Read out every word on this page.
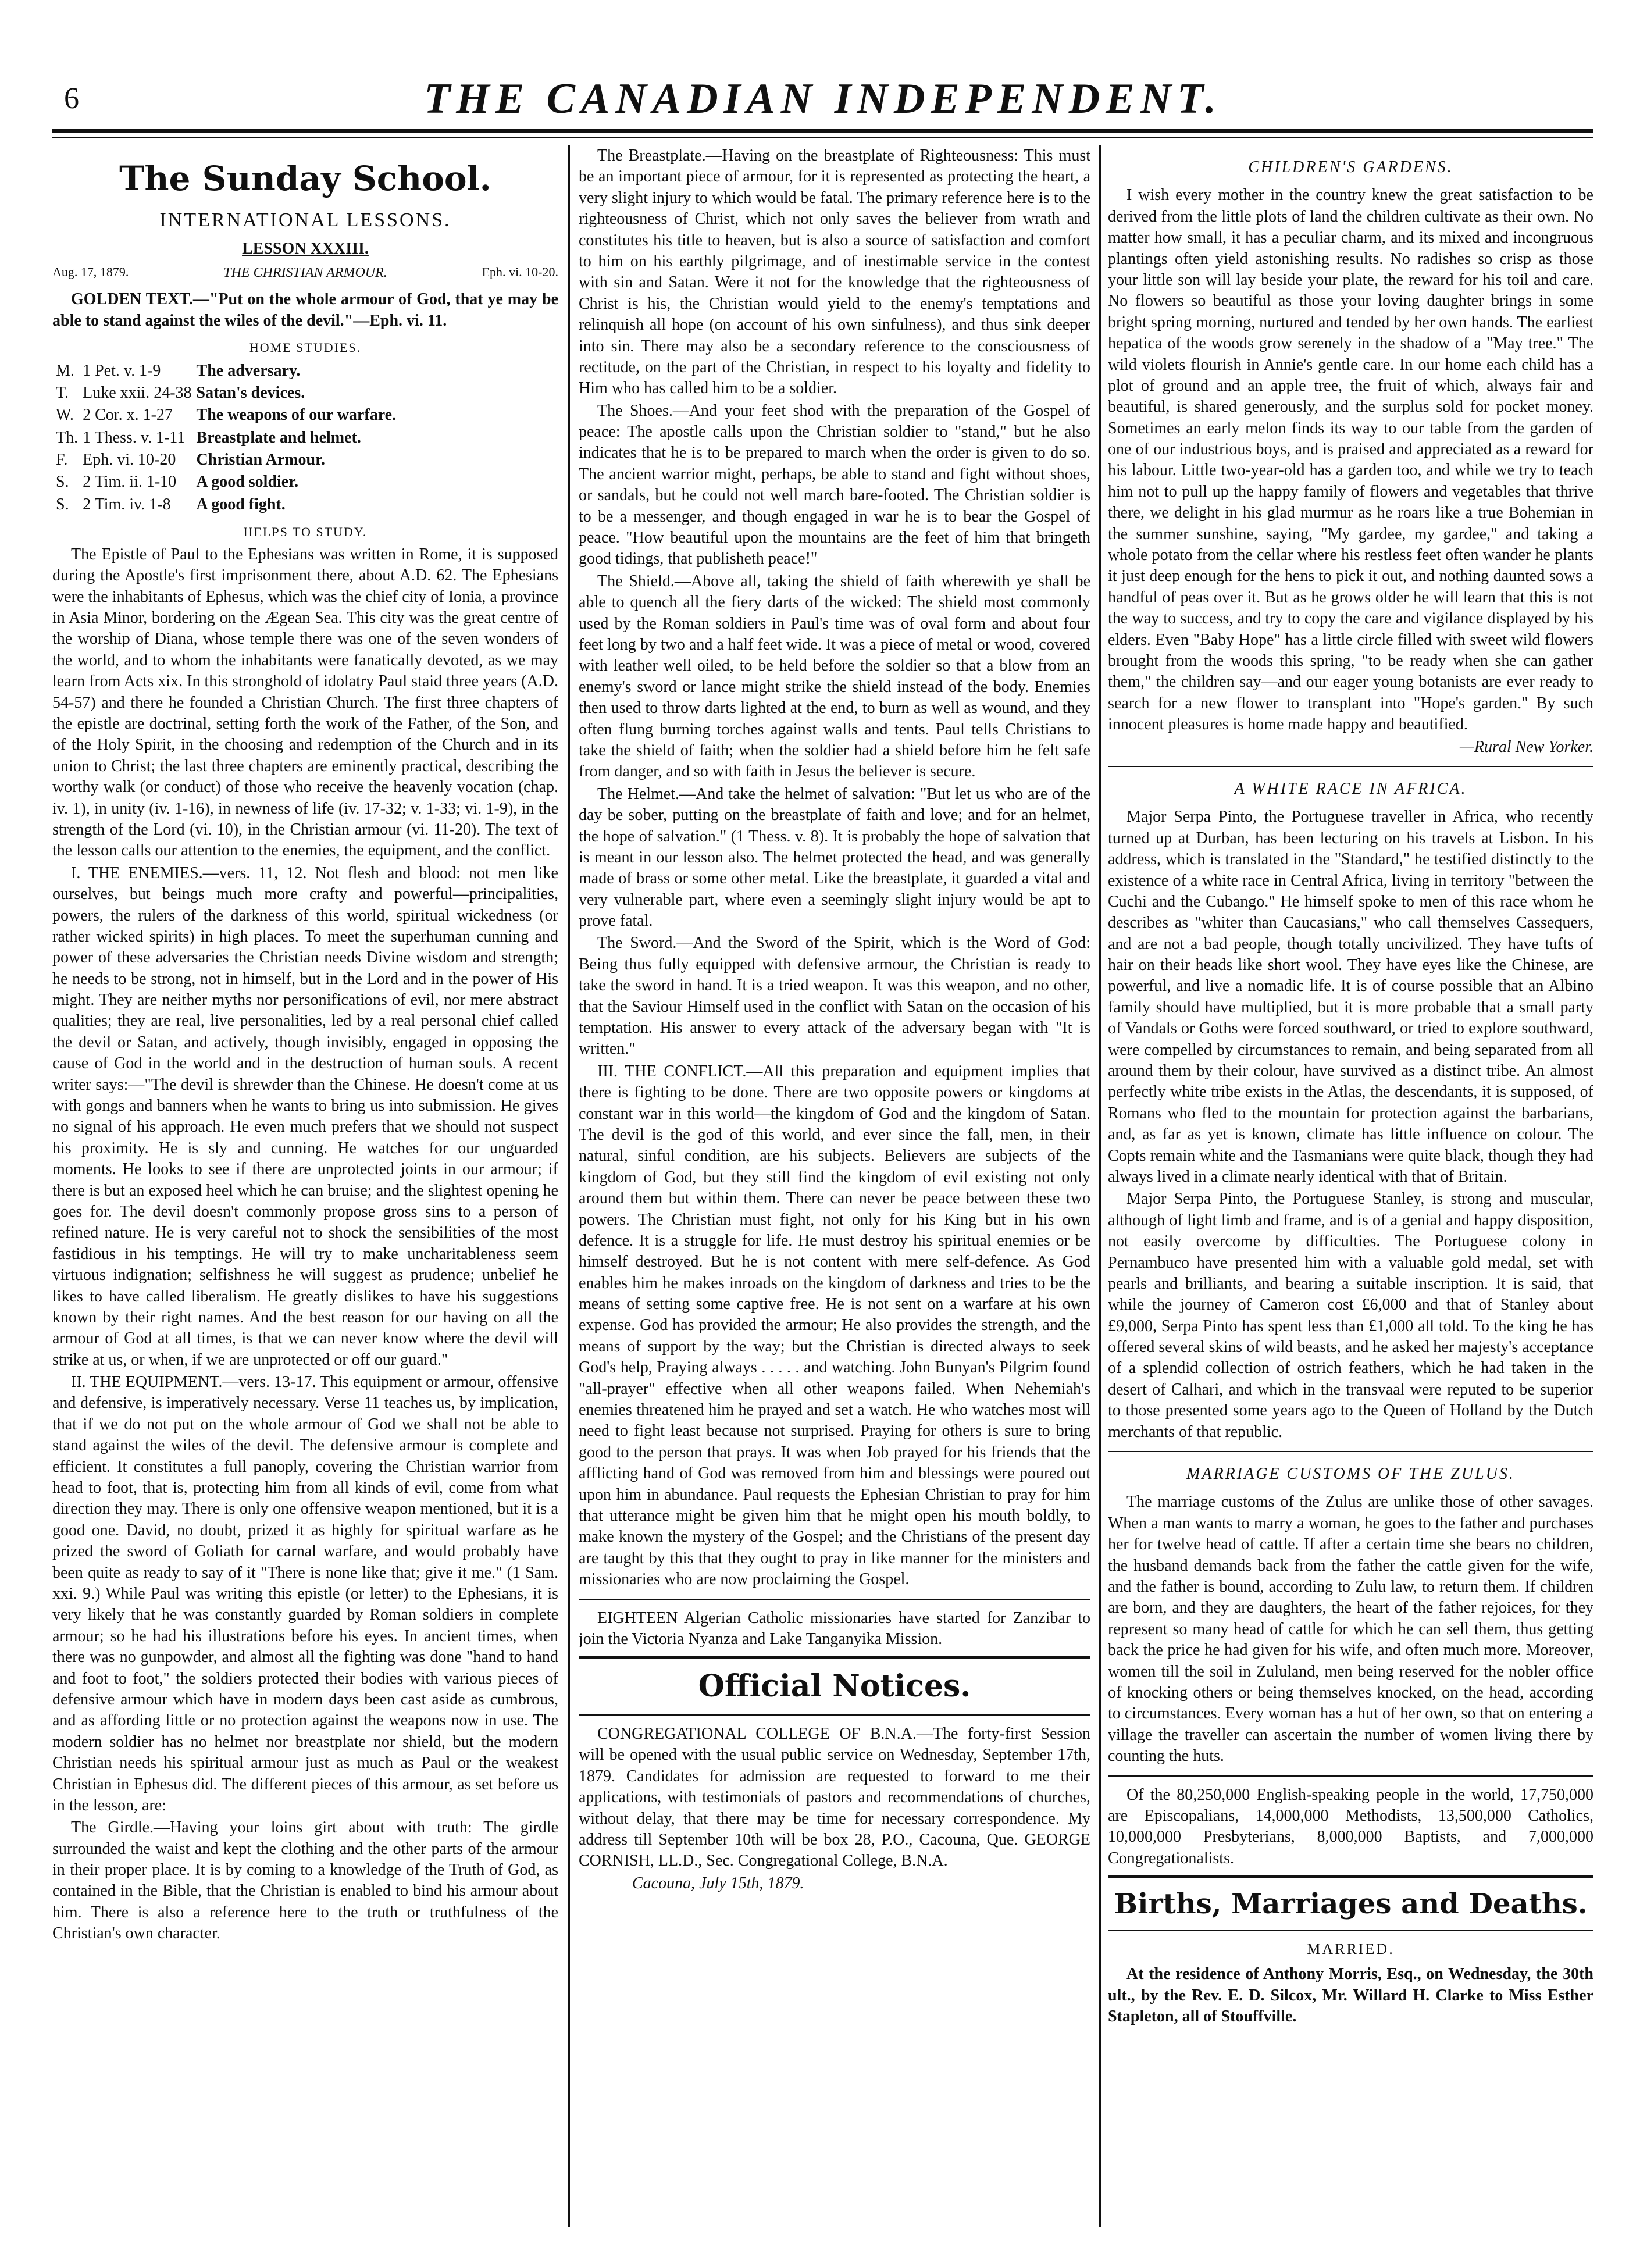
6	THE CANADIAN INDEPENDENT.
The Sunday School.
INTERNATIONAL LESSONS.
LESSON XXXIII.
Aug. 17, 1879.	THE CHRISTIAN ARMOUR.	Eph. vi. 10-20.

GOLDEN TEXT.—"Put on the whole armour of God, that ye may be able to stand against the wiles of the devil."—Eph. vi. 11.

HOME STUDIES.
M.	1 Pet. v. 1-9	The adversary.
T.	Luke xxii. 24-38	Satan's devices.
W.	2 Cor. x. 1-27	The weapons of our warfare.
Th.	1 Thess. v. 1-11	Breastplate and helmet.
F.	Eph. vi. 10-20	Christian Armour.
S.	2 Tim. ii. 1-10	A good soldier.
S.	2 Tim. iv. 1-8	A good fight.
HELPS TO STUDY.

The Epistle of Paul to the Ephesians was written in Rome, it is supposed during the Apostle's first imprisonment there, about A.D. 62. The Ephesians were the inhabitants of Ephesus, which was the chief city of Ionia, a province in Asia Minor, bordering on the Ægean Sea. This city was the great centre of the worship of Diana, whose temple there was one of the seven wonders of the world, and to whom the inhabitants were fanatically devoted, as we may learn from Acts xix. In this stronghold of idolatry Paul staid three years (A.D. 54-57) and there he founded a Christian Church. The first three chapters of the epistle are doctrinal, setting forth the work of the Father, of the Son, and of the Holy Spirit, in the choosing and redemption of the Church and in its union to Christ; the last three chapters are eminently practical, describing the worthy walk (or conduct) of those who receive the heavenly vocation (chap. iv. 1), in unity (iv. 1-16), in newness of life (iv. 17-32; v. 1-33; vi. 1-9), in the strength of the Lord (vi. 10), in the Christian armour (vi. 11-20). The text of the lesson calls our attention to the enemies, the equipment, and the conflict.

I. THE ENEMIES.—vers. 11, 12. Not flesh and blood: not men like ourselves, but beings much more crafty and powerful—principalities, powers, the rulers of the darkness of this world, spiritual wickedness (or rather wicked spirits) in high places. To meet the superhuman cunning and power of these adversaries the Christian needs Divine wisdom and strength; he needs to be strong, not in himself, but in the Lord and in the power of His might. They are neither myths nor personifications of evil, nor mere abstract qualities; they are real, live personalities, led by a real personal chief called the devil or Satan, and actively, though invisibly, engaged in opposing the cause of God in the world and in the destruction of human souls. A recent writer says:—"The devil is shrewder than the Chinese. He doesn't come at us with gongs and banners when he wants to bring us into submission. He gives no signal of his approach. He even much prefers that we should not suspect his proximity. He is sly and cunning. He watches for our unguarded moments. He looks to see if there are unprotected joints in our armour; if there is but an exposed heel which he can bruise; and the slightest opening he goes for. The devil doesn't commonly propose gross sins to a person of refined nature. He is very careful not to shock the sensibilities of the most fastidious in his temptings. He will try to make uncharitableness seem virtuous indignation; selfishness he will suggest as prudence; unbelief he likes to have called liberalism. He greatly dislikes to have his suggestions known by their right names. And the best reason for our having on all the armour of God at all times, is that we can never know where the devil will strike at us, or when, if we are unprotected or off our guard."

II. THE EQUIPMENT.—vers. 13-17. This equipment or armour, offensive and defensive, is imperatively necessary. Verse 11 teaches us, by implication, that if we do not put on the whole armour of God we shall not be able to stand against the wiles of the devil. The defensive armour is complete and efficient. It constitutes a full panoply, covering the Christian warrior from head to foot, that is, protecting him from all kinds of evil, come from what direction they may. There is only one offensive weapon mentioned, but it is a good one. David, no doubt, prized it as highly for spiritual warfare as he prized the sword of Goliath for carnal warfare, and would probably have been quite as ready to say of it "There is none like that; give it me." (1 Sam. xxi. 9.) While Paul was writing this epistle (or letter) to the Ephesians, it is very likely that he was constantly guarded by Roman soldiers in complete armour; so he had his illustrations before his eyes. In ancient times, when there was no gunpowder, and almost all the fighting was done "hand to hand and foot to foot," the soldiers protected their bodies with various pieces of defensive armour which have in modern days been cast aside as cumbrous, and as affording little or no protection against the weapons now in use. The modern soldier has no helmet nor breastplate nor shield, but the modern Christian needs his spiritual armour just as much as Paul or the weakest Christian in Ephesus did. The different pieces of this armour, as set before us in the lesson, are:

The Girdle.—Having your loins girt about with truth: The girdle surrounded the waist and kept the clothing and the other parts of the armour in their proper place. It is by coming to a knowledge of the Truth of God, as contained in the Bible, that the Christian is enabled to bind his armour about him. There is also a reference here to the truth or truthfulness of the Christian's own character.

The Breastplate.—Having on the breastplate of Righteousness: This must be an important piece of armour, for it is represented as protecting the heart, a very slight injury to which would be fatal. The primary reference here is to the righteousness of Christ, which not only saves the believer from wrath and constitutes his title to heaven, but is also a source of satisfaction and comfort to him on his earthly pilgrimage, and of inestimable service in the contest with sin and Satan. Were it not for the knowledge that the righteousness of Christ is his, the Christian would yield to the enemy's temptations and relinquish all hope (on account of his own sinfulness), and thus sink deeper into sin. There may also be a secondary reference to the consciousness of rectitude, on the part of the Christian, in respect to his loyalty and fidelity to Him who has called him to be a soldier.

The Shoes.—And your feet shod with the preparation of the Gospel of peace: The apostle calls upon the Christian soldier to "stand," but he also indicates that he is to be prepared to march when the order is given to do so. The ancient warrior might, perhaps, be able to stand and fight without shoes, or sandals, but he could not well march bare-footed. The Christian soldier is to be a messenger, and though engaged in war he is to bear the Gospel of peace. "How beautiful upon the mountains are the feet of him that bringeth good tidings, that publisheth peace!"

The Shield.—Above all, taking the shield of faith wherewith ye shall be able to quench all the fiery darts of the wicked: The shield most commonly used by the Roman soldiers in Paul's time was of oval form and about four feet long by two and a half feet wide. It was a piece of metal or wood, covered with leather well oiled, to be held before the soldier so that a blow from an enemy's sword or lance might strike the shield instead of the body. Enemies then used to throw darts lighted at the end, to burn as well as wound, and they often flung burning torches against walls and tents. Paul tells Christians to take the shield of faith; when the soldier had a shield before him he felt safe from danger, and so with faith in Jesus the believer is secure.

The Helmet.—And take the helmet of salvation: "But let us who are of the day be sober, putting on the breastplate of faith and love; and for an helmet, the hope of salvation." (1 Thess. v. 8). It is probably the hope of salvation that is meant in our lesson also. The helmet protected the head, and was generally made of brass or some other metal. Like the breastplate, it guarded a vital and very vulnerable part, where even a seemingly slight injury would be apt to prove fatal.

The Sword.—And the Sword of the Spirit, which is the Word of God: Being thus fully equipped with defensive armour, the Christian is ready to take the sword in hand. It is a tried weapon. It was this weapon, and no other, that the Saviour Himself used in the conflict with Satan on the occasion of his temptation. His answer to every attack of the adversary began with "It is written."

III. THE CONFLICT.—All this preparation and equipment implies that there is fighting to be done. There are two opposite powers or kingdoms at constant war in this world—the kingdom of God and the kingdom of Satan. The devil is the god of this world, and ever since the fall, men, in their natural, sinful condition, are his subjects. Believers are subjects of the kingdom of God, but they still find the kingdom of evil existing not only around them but within them. There can never be peace between these two powers. The Christian must fight, not only for his King but in his own defence. It is a struggle for life. He must destroy his spiritual enemies or be himself destroyed. But he is not content with mere self-defence. As God enables him he makes inroads on the kingdom of darkness and tries to be the means of setting some captive free. He is not sent on a warfare at his own expense. God has provided the armour; He also provides the strength, and the means of support by the way; but the Christian is directed always to seek God's help, Praying always . . . . . and watching. John Bunyan's Pilgrim found "all-prayer" effective when all other weapons failed. When Nehemiah's enemies threatened him he prayed and set a watch. He who watches most will need to fight least because not surprised. Praying for others is sure to bring good to the person that prays. It was when Job prayed for his friends that the afflicting hand of God was removed from him and blessings were poured out upon him in abundance. Paul requests the Ephesian Christian to pray for him that utterance might be given him that he might open his mouth boldly, to make known the mystery of the Gospel; and the Christians of the present day are taught by this that they ought to pray in like manner for the ministers and missionaries who are now proclaiming the Gospel.

EIGHTEEN Algerian Catholic missionaries have started for Zanzibar to join the Victoria Nyanza and Lake Tanganyika Mission.

Official Notices.

CONGREGATIONAL COLLEGE OF B.N.A.—The forty-first Session will be opened with the usual public service on Wednesday, September 17th, 1879. Candidates for admission are requested to forward to me their applications, with testimonials of pastors and recommendations of churches, without delay, that there may be time for necessary correspondence. My address till September 10th will be box 28, P.O., Cacouna, Que. GEORGE CORNISH, LL.D., Sec. Congregational College, B.N.A.

Cacouna, July 15th, 1879.

CHILDREN'S GARDENS.

I wish every mother in the country knew the great satisfaction to be derived from the little plots of land the children cultivate as their own. No matter how small, it has a peculiar charm, and its mixed and incongruous plantings often yield astonishing results. No radishes so crisp as those your little son will lay beside your plate, the reward for his toil and care. No flowers so beautiful as those your loving daughter brings in some bright spring morning, nurtured and tended by her own hands. The earliest hepatica of the woods grow serenely in the shadow of a "May tree." The wild violets flourish in Annie's gentle care. In our home each child has a plot of ground and an apple tree, the fruit of which, always fair and beautiful, is shared generously, and the surplus sold for pocket money. Sometimes an early melon finds its way to our table from the garden of one of our industrious boys, and is praised and appreciated as a reward for his labour. Little two-year-old has a garden too, and while we try to teach him not to pull up the happy family of flowers and vegetables that thrive there, we delight in his glad murmur as he roars like a true Bohemian in the summer sunshine, saying, "My gardee, my gardee," and taking a whole potato from the cellar where his restless feet often wander he plants it just deep enough for the hens to pick it out, and nothing daunted sows a handful of peas over it. But as he grows older he will learn that this is not the way to success, and try to copy the care and vigilance displayed by his elders. Even "Baby Hope" has a little circle filled with sweet wild flowers brought from the woods this spring, "to be ready when she can gather them," the children say—and our eager young botanists are ever ready to search for a new flower to transplant into "Hope's garden." By such innocent pleasures is home made happy and beautified.

—Rural New Yorker.

A WHITE RACE IN AFRICA.

Major Serpa Pinto, the Portuguese traveller in Africa, who recently turned up at Durban, has been lecturing on his travels at Lisbon. In his address, which is translated in the "Standard," he testified distinctly to the existence of a white race in Central Africa, living in territory "between the Cuchi and the Cubango." He himself spoke to men of this race whom he describes as "whiter than Caucasians," who call themselves Cassequers, and are not a bad people, though totally uncivilized. They have tufts of hair on their heads like short wool. They have eyes like the Chinese, are powerful, and live a nomadic life. It is of course possible that an Albino family should have multiplied, but it is more probable that a small party of Vandals or Goths were forced southward, or tried to explore southward, were compelled by circumstances to remain, and being separated from all around them by their colour, have survived as a distinct tribe. An almost perfectly white tribe exists in the Atlas, the descendants, it is supposed, of Romans who fled to the mountain for protection against the barbarians, and, as far as yet is known, climate has little influence on colour. The Copts remain white and the Tasmanians were quite black, though they had always lived in a climate nearly identical with that of Britain.

Major Serpa Pinto, the Portuguese Stanley, is strong and muscular, although of light limb and frame, and is of a genial and happy disposition, not easily overcome by difficulties. The Portuguese colony in Pernambuco have presented him with a valuable gold medal, set with pearls and brilliants, and bearing a suitable inscription. It is said, that while the journey of Cameron cost £6,000 and that of Stanley about £9,000, Serpa Pinto has spent less than £1,000 all told. To the king he has offered several skins of wild beasts, and he asked her majesty's acceptance of a splendid collection of ostrich feathers, which he had taken in the desert of Calhari, and which in the transvaal were reputed to be superior to those presented some years ago to the Queen of Holland by the Dutch merchants of that republic.

MARRIAGE CUSTOMS OF THE ZULUS.

The marriage customs of the Zulus are unlike those of other savages. When a man wants to marry a woman, he goes to the father and purchases her for twelve head of cattle. If after a certain time she bears no children, the husband demands back from the father the cattle given for the wife, and the father is bound, according to Zulu law, to return them. If children are born, and they are daughters, the heart of the father rejoices, for they represent so many head of cattle for which he can sell them, thus getting back the price he had given for his wife, and often much more. Moreover, women till the soil in Zululand, men being reserved for the nobler office of knocking others or being themselves knocked, on the head, according to circumstances. Every woman has a hut of her own, so that on entering a village the traveller can ascertain the number of women living there by counting the huts.

Of the 80,250,000 English-speaking people in the world, 17,750,000 are Episcopalians, 14,000,000 Methodists, 13,500,000 Catholics, 10,000,000 Presbyterians, 8,000,000 Baptists, and 7,000,000 Congregationalists.

Births, Marriages and Deaths.
MARRIED.

At the residence of Anthony Morris, Esq., on Wednesday, the 30th ult., by the Rev. E. D. Silcox, Mr. Willard H. Clarke to Miss Esther Stapleton, all of Stouffville.
